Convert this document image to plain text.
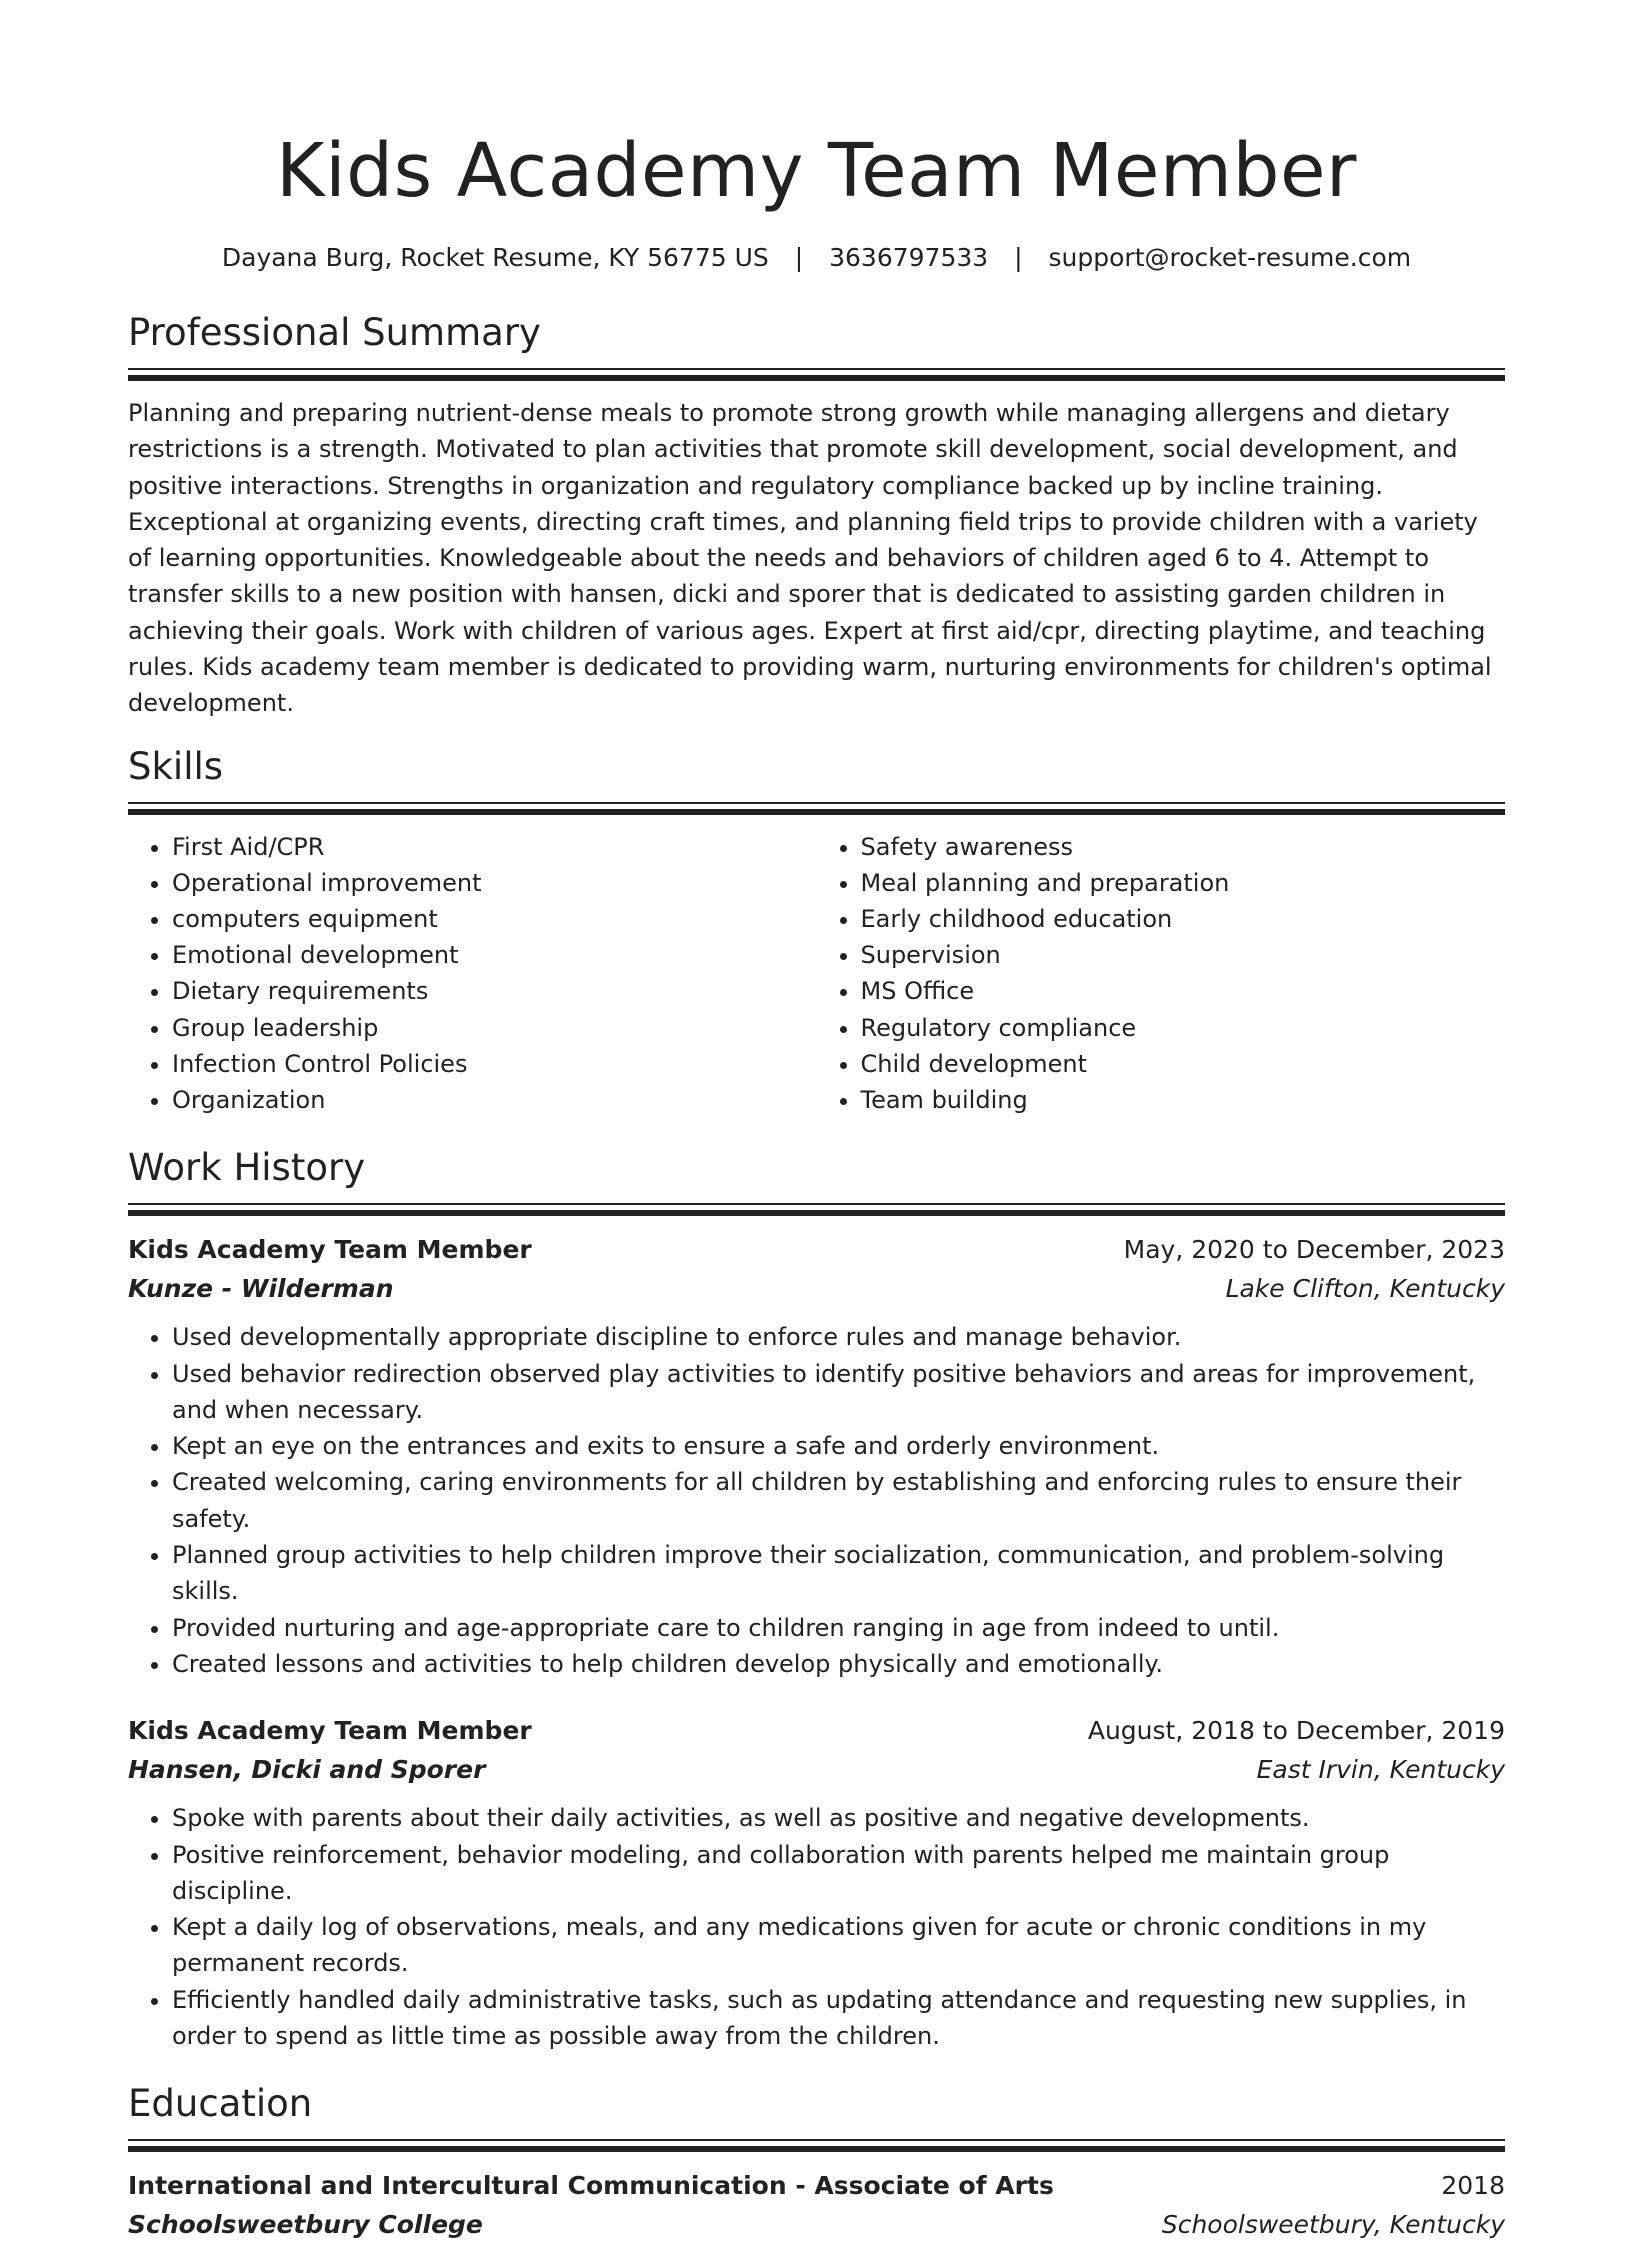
Kids Academy Team Member
Dayana Burg, Rocket Resume, KY 56775 US | 3636797533 | support@rocket-resume.com
Professional Summary

Planning and preparing nutrient-dense meals to promote strong growth while managing allergens and dietary restrictions is a strength. Motivated to plan activities that promote skill development, social development, and positive interactions. Strengths in organization and regulatory compliance backed up by incline training. Exceptional at organizing events, directing craft times, and planning field trips to provide children with a variety of learning opportunities. Knowledgeable about the needs and behaviors of children aged 6 to 4. Attempt to transfer skills to a new position with hansen, dicki and sporer that is dedicated to assisting garden children in achieving their goals. Work with children of various ages. Expert at first aid/cpr, directing playtime, and teaching rules. Kids academy team member is dedicated to providing warm, nurturing environments for children's optimal development.

Skills
• First Aid/CPR
• Operational improvement
• computers equipment
• Emotional development
• Dietary requirements
• Group leadership
• Infection Control Policies
• Organization
• Safety awareness
• Meal planning and preparation
• Early childhood education
• Supervision
• MS Office
• Regulatory compliance
• Child development
• Team building
Work History
Kids Academy Team Member	May, 2020 to December, 2023
Kunze - Wilderman	Lake Clifton, Kentucky
• Used developmentally appropriate discipline to enforce rules and manage behavior.
• Used behavior redirection observed play activities to identify positive behaviors and areas for improvement, and when necessary.
• Kept an eye on the entrances and exits to ensure a safe and orderly environment.
• Created welcoming, caring environments for all children by establishing and enforcing rules to ensure their safety.
• Planned group activities to help children improve their socialization, communication, and problem-solving skills.
• Provided nurturing and age-appropriate care to children ranging in age from indeed to until.
• Created lessons and activities to help children develop physically and emotionally.
Kids Academy Team Member	August, 2018 to December, 2019
Hansen, Dicki and Sporer	East Irvin, Kentucky
• Spoke with parents about their daily activities, as well as positive and negative developments.
• Positive reinforcement, behavior modeling, and collaboration with parents helped me maintain group discipline.
• Kept a daily log of observations, meals, and any medications given for acute or chronic conditions in my permanent records.
• Efficiently handled daily administrative tasks, such as updating attendance and requesting new supplies, in order to spend as little time as possible away from the children.
Education
International and Intercultural Communication - Associate of Arts	2018
Schoolsweetbury College	Schoolsweetbury, Kentucky
